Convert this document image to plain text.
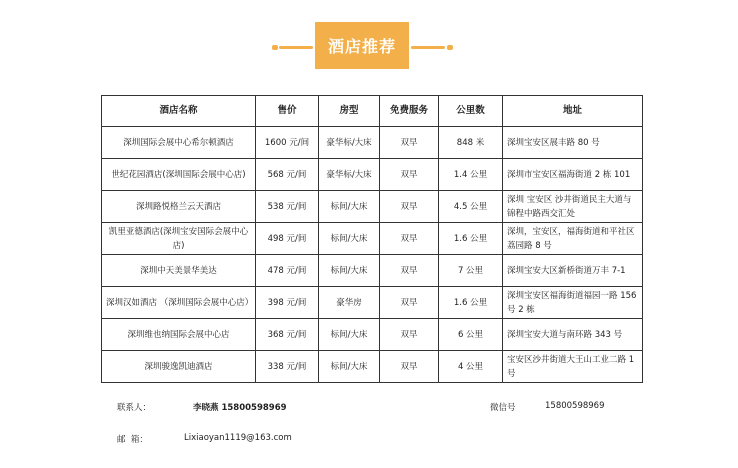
酒店推荐
酒店名称	售价	房型	免费服务	公里数	地址
深圳国际会展中心希尔顿酒店	1600 元/间	豪华标/大床	双早	848 米	深圳宝安区展丰路 80 号
世纪花园酒店(深圳国际会展中心店)	568 元/间	豪华标/大床	双早	1.4 公里	深圳市宝安区福海街道 2 栋 101
深圳路悦格兰云天酒店	538 元/间	标间/大床	双早	4.5 公里	深圳 宝安区 沙井街道民主大道与锦程中路西交汇处
凯里亚德酒店(深圳宝安国际会展中心店)	498 元/间	标间/大床	双早	1.6 公里	深圳，宝安区，福海街道和平社区荔园路 8 号
深圳中天美景华美达	478 元/间	标间/大床	双早	7 公里	深圳宝安大区新桥街道万丰 7-1
深圳汉如酒店 （深圳国际会展中心店）	398 元/间	豪华房	双早	1.6 公里	深圳宝安区福海街道福园一路 156 号 2 栋
深圳维也纳国际会展中心店	368 元/间	标间/大床	双早	6 公里	深圳宝安大道与南环路 343 号
深圳骏逸凯迪酒店	338 元/间	标间/大床	双早	4 公里	宝安区沙井街道大王山工业二路 1 号
联系人：	李晓燕 15800598969	微信号	15800598969
邮  箱：	Lixiaoyan1119@163.com
